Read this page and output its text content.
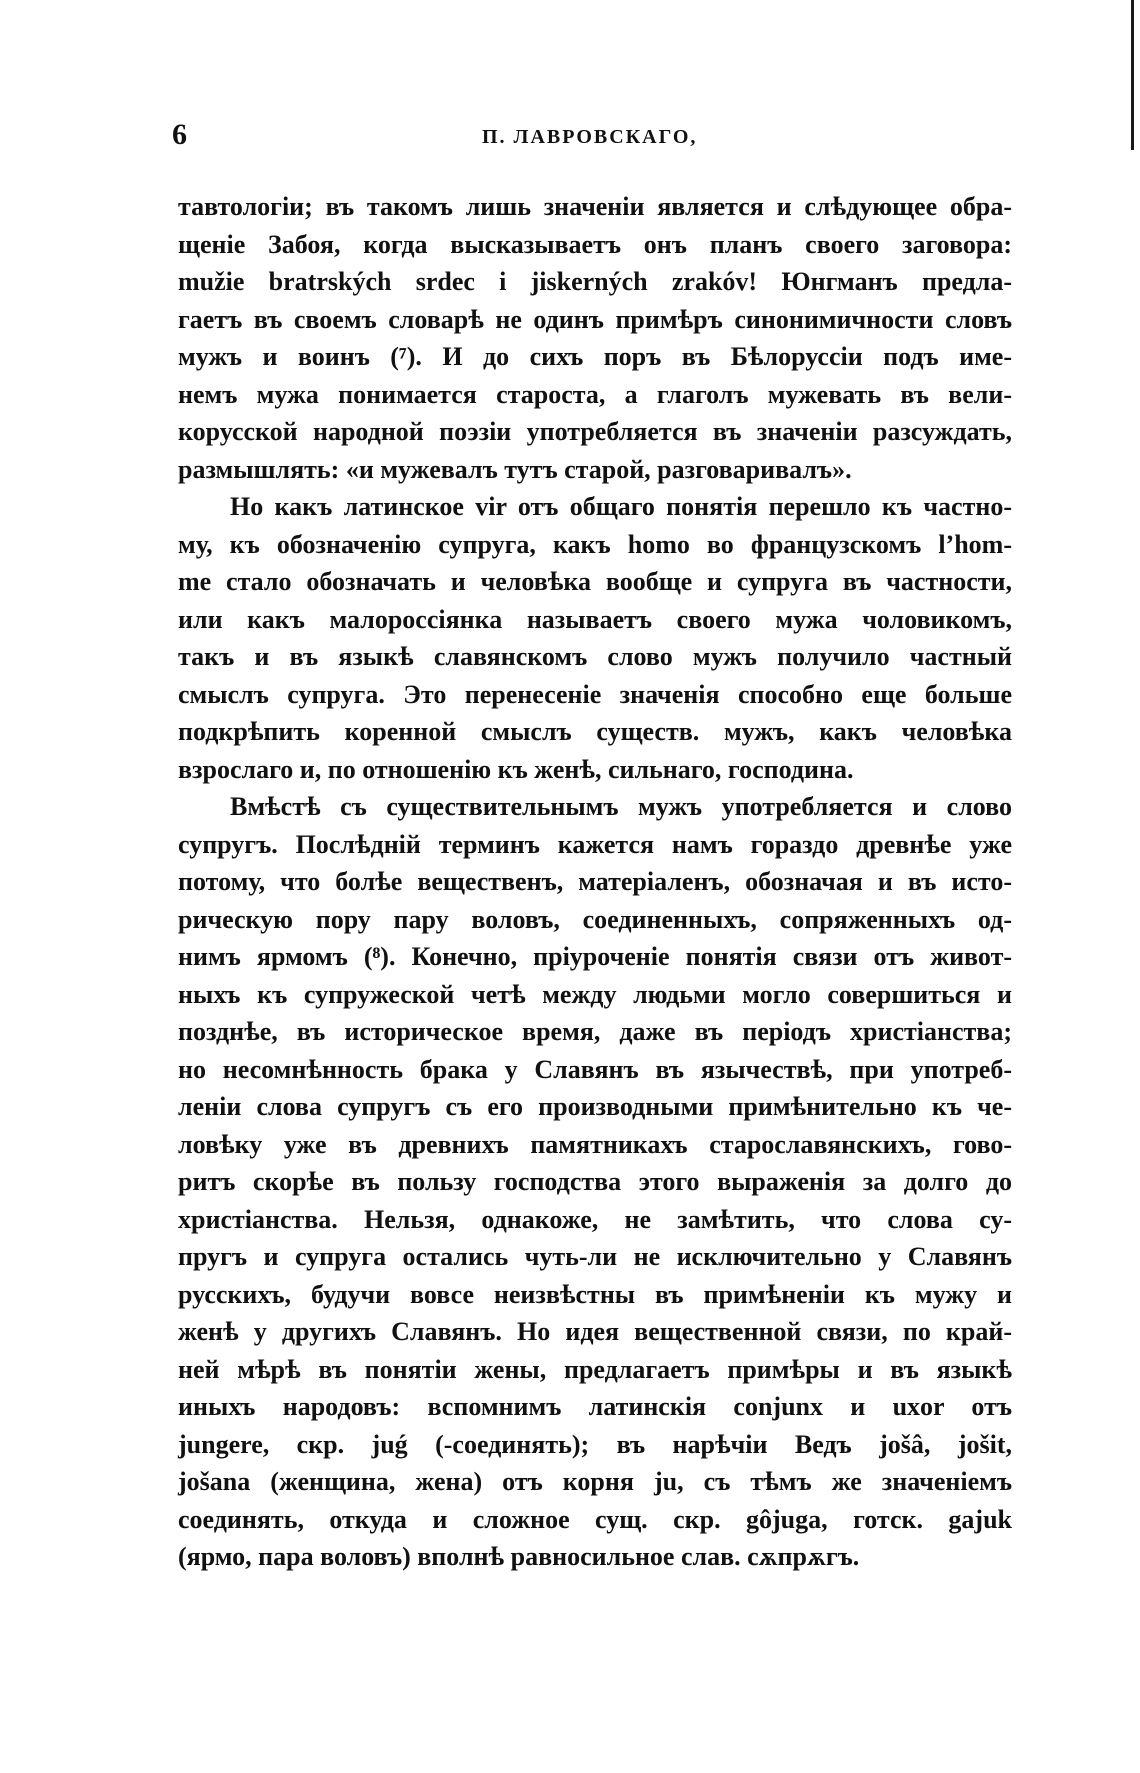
6	П. ЛАВРОВСКАГО,
тавтологіи; въ такомъ лишь значеніи является и слѣдующее обра-
щеніе Забоя, когда высказываетъ онъ планъ своего заговора:
mužie bratrských srdec i jiskerných zrakóv! Юнгманъ предла-
гаетъ въ своемъ словарѣ не одинъ примѣръ синонимичности словъ
мужъ и воинъ (⁷). И до сихъ поръ въ Бѣлоруссіи подъ име-
немъ мужа понимается староста, а глаголъ мужевать въ вели-
корусской народной поэзіи употребляется въ значеніи разсуждать,
размышлять: «и мужевалъ тутъ старой, разговаривалъ».
Но какъ латинское vir отъ общаго понятія перешло къ частно-
му, къ обозначенію супруга, какъ homo во французскомъ l’hom-
me стало обозначать и человѣка вообще и супруга въ частности,
или какъ малороссіянка называетъ своего мужа чоловикомъ,
такъ и въ языкѣ славянскомъ слово мужъ получило частный
смыслъ супруга. Это перенесеніе значенія способно еще больше
подкрѣпить коренной смыслъ существ. мужъ, какъ человѣка
взрослаго и, по отношенію къ женѣ, сильнаго, господина.
Вмѣстѣ съ существительнымъ мужъ употребляется и слово
супругъ. Послѣдній терминъ кажется намъ гораздо древнѣе уже
потому, что болѣе вещественъ, матеріаленъ, обозначая и въ исто-
рическую пору пару воловъ, соединенныхъ, сопряженныхъ од-
нимъ ярмомъ (⁸). Конечно, пріуроченіе понятія связи отъ живот-
ныхъ къ супружеской четѣ между людьми могло совершиться и
позднѣе, въ историческое время, даже въ періодъ христіанства;
но несомнѣнность брака у Славянъ въ язычествѣ, при употреб-
леніи слова супругъ съ его производными примѣнительно къ че-
ловѣку уже въ древнихъ памятникахъ старославянскихъ, гово-
ритъ скорѣе въ пользу господства этого выраженія за долго до
христіанства. Нельзя, однакоже, не замѣтить, что слова су-
пругъ и супруга остались чуть-ли не исключительно у Славянъ
русскихъ, будучи вовсе неизвѣстны въ примѣненіи къ мужу и
женѣ у другихъ Славянъ. Но идея вещественной связи, по край-
ней мѣрѣ въ понятіи жены, предлагаетъ примѣры и въ языкѣ
иныхъ народовъ: вспомнимъ латинскія conjunx и uxor отъ
jungere, скр. juǵ (-соединять); въ нарѣчіи Ведъ jošâ, jošit,
jošana (женщина, жена) отъ корня ju, съ тѣмъ же значеніемъ
соединять, откуда и сложное сущ. скр. gôjuga, готск. gajuk
(ярмо, пара воловъ) вполнѣ равносильное слав. сѫпрѫгъ.
